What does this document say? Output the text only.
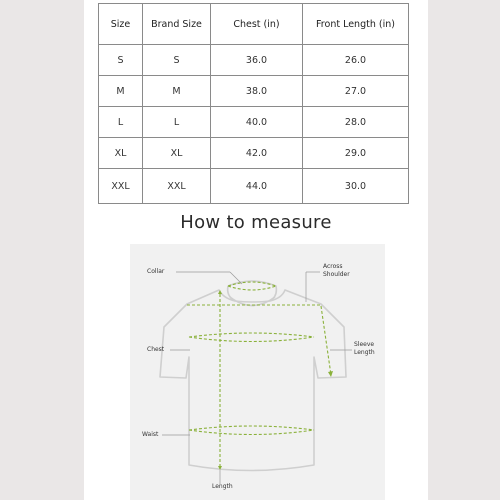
Size	Brand Size	Chest (in)	Front Length (in)
S	S	36.0	26.0
M	M	38.0	27.0
L	L	40.0	28.0
XL	XL	42.0	29.0
XXL	XXL	44.0	30.0
How to measure
Collar
Across
Shoulder
Chest
Sleeve
Length
Waist
Length
